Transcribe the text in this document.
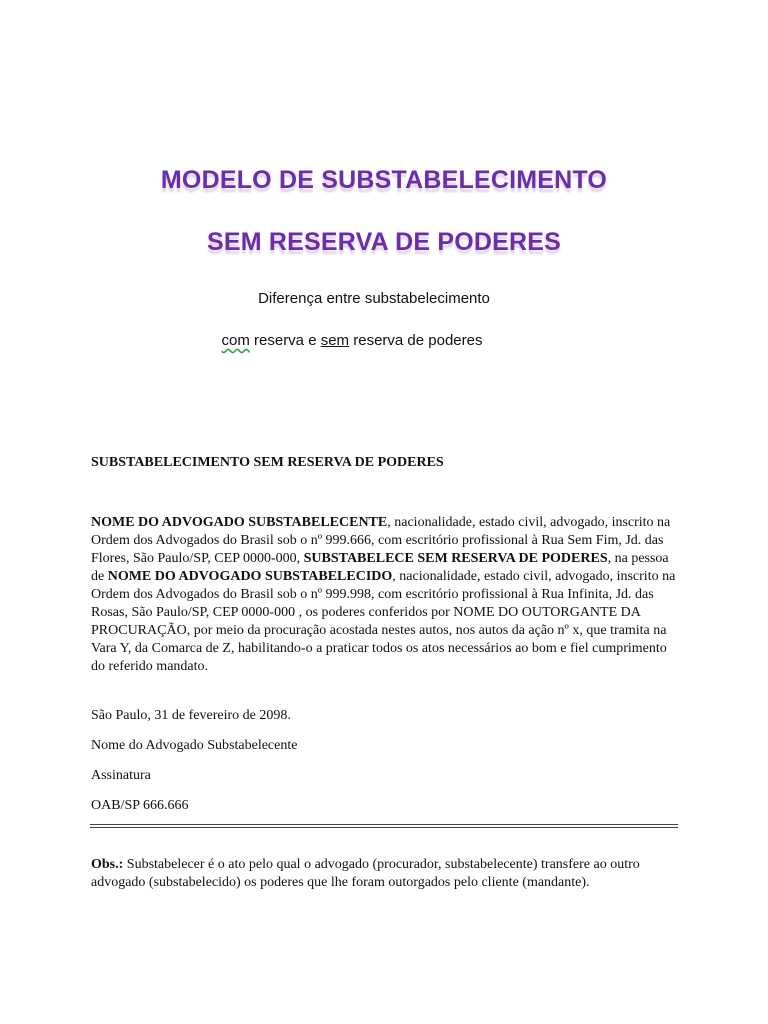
MODELO DE SUBSTABELECIMENTO
SEM RESERVA DE PODERES
Diferença entre substabelecimento
com reserva e sem reserva de poderes
SUBSTABELECIMENTO SEM RESERVA DE PODERES

NOME DO ADVOGADO SUBSTABELECENTE, nacionalidade, estado civil, advogado, inscrito na Ordem dos Advogados do Brasil sob o nº 999.666, com escritório profissional à Rua Sem Fim, Jd. das Flores, São Paulo/SP, CEP 0000-000, SUBSTABELECE SEM RESERVA DE PODERES, na pessoa de NOME DO ADVOGADO SUBSTABELECIDO, nacionalidade, estado civil, advogado, inscrito na Ordem dos Advogados do Brasil sob o nº 999.998, com escritório profissional à Rua Infinita, Jd. das Rosas, São Paulo/SP, CEP 0000-000 , os poderes conferidos por NOME DO OUTORGANTE DA PROCURAÇÃO, por meio da procuração acostada nestes autos, nos autos da ação nº x, que tramita na Vara Y, da Comarca de Z, habilitando-o a praticar todos os atos necessários ao bom e fiel cumprimento do referido mandato.

São Paulo, 31 de fevereiro de 2098.
Nome do Advogado Substabelecente
Assinatura
OAB/SP 666.666

Obs.: Substabelecer é o ato pelo qual o advogado (procurador, substabelecente) transfere ao outro advogado (substabelecido) os poderes que lhe foram outorgados pelo cliente (mandante).
